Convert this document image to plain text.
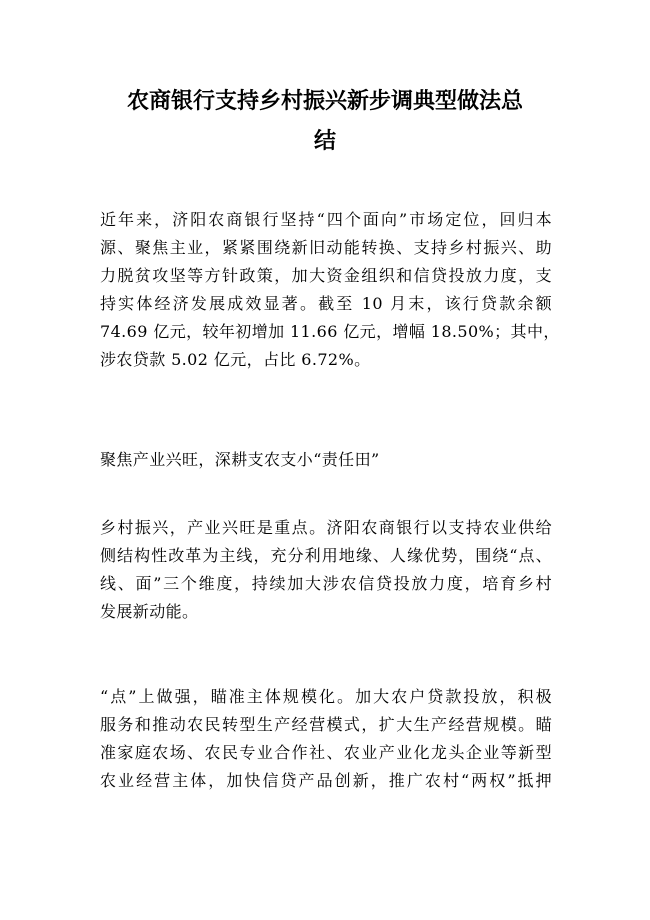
农商银行支持乡村振兴新步调典型做法总
结

近年来，济阳农商银行坚持“四个面向”市场定位，回归本
源、聚焦主业，紧紧围绕新旧动能转换、支持乡村振兴、助
力脱贫攻坚等方针政策，加大资金组织和信贷投放力度，支
持实体经济发展成效显著。截至 10 月末，该行贷款余额
74.69 亿元，较年初增加 11.66 亿元，增幅 18.50%；其中，
涉农贷款 5.02 亿元，占比 6.72%。

聚焦产业兴旺，深耕支农支小“责任田”

乡村振兴，产业兴旺是重点。济阳农商银行以支持农业供给
侧结构性改革为主线，充分利用地缘、人缘优势，围绕“点、
线、面”三个维度，持续加大涉农信贷投放力度，培育乡村
发展新动能。

“点”上做强，瞄准主体规模化。加大农户贷款投放，积极
服务和推动农民转型生产经营模式，扩大生产经营规模。瞄
准家庭农场、农民专业合作社、农业产业化龙头企业等新型
农业经营主体，加快信贷产品创新，推广农村“两权”抵押
